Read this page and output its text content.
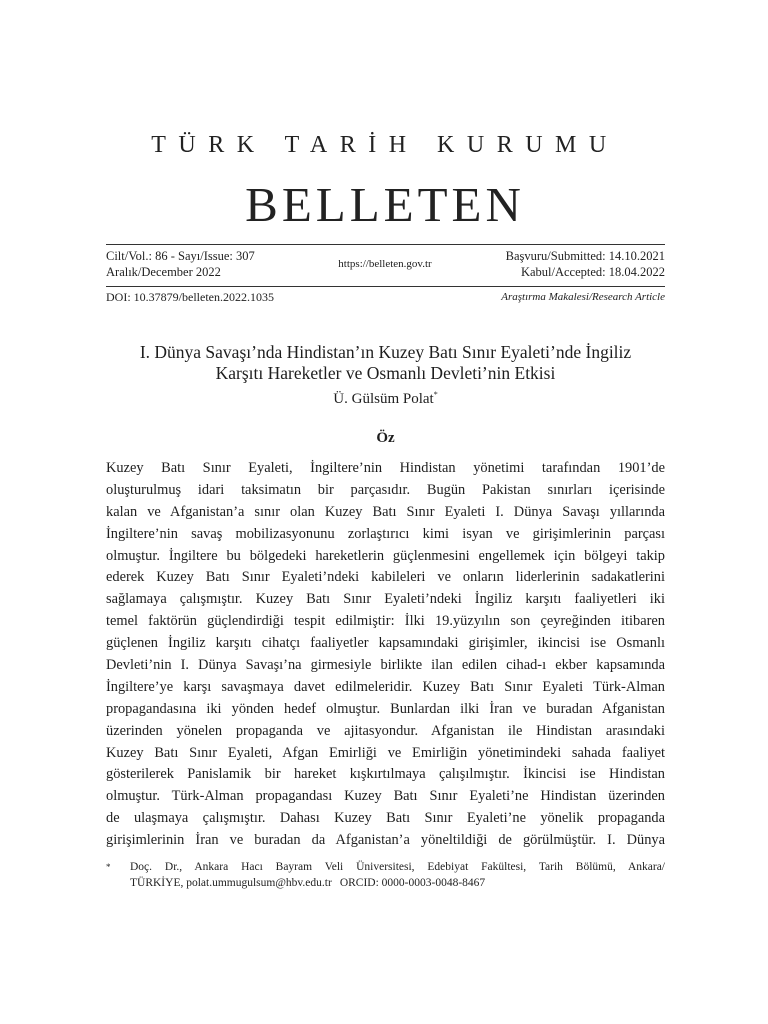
TÜRK TARİH KURUMU
BELLETEN
Cilt/Vol.: 86 - Sayı/Issue: 307
Aralık/December 2022
https://belleten.gov.tr
Başvuru/Submitted: 14.10.2021
Kabul/Accepted: 18.04.2022
DOI: 10.37879/belleten.2022.1035	Araştırma Makalesi/Research Article
I. Dünya Savaşı’nda Hindistan’ın Kuzey Batı Sınır Eyaleti’nde İngiliz
Karşıtı Hareketler ve Osmanlı Devleti’nin Etkisi
Ü. Gülsüm Polat*
Öz
Kuzey Batı Sınır Eyaleti, İngiltere’nin Hindistan yönetimi tarafından 1901’de
oluşturulmuş idari taksimatın bir parçasıdır. Bugün Pakistan sınırları içerisinde
kalan ve Afganistan’a sınır olan Kuzey Batı Sınır Eyaleti I. Dünya Savaşı yıllarında
İngiltere’nin savaş mobilizasyonunu zorlaştırıcı kimi isyan ve girişimlerinin parçası
olmuştur. İngiltere bu bölgedeki hareketlerin güçlenmesini engellemek için bölgeyi takip
ederek Kuzey Batı Sınır Eyaleti’ndeki kabileleri ve onların liderlerinin sadakatlerini
sağlamaya çalışmıştır. Kuzey Batı Sınır Eyaleti’ndeki İngiliz karşıtı faaliyetleri iki
temel faktörün güçlendirdiği tespit edilmiştir: İlki 19.yüzyılın son çeyreğinden itibaren
güçlenen İngiliz karşıtı cihatçı faaliyetler kapsamındaki girişimler, ikincisi ise Osmanlı
Devleti’nin I. Dünya Savaşı’na girmesiyle birlikte ilan edilen cihad-ı ekber kapsamında
İngiltere’ye karşı savaşmaya davet edilmeleridir. Kuzey Batı Sınır Eyaleti Türk-Alman
propagandasına iki yönden hedef olmuştur. Bunlardan ilki İran ve buradan Afganistan
üzerinden yönelen propaganda ve ajitasyondur. Afganistan ile Hindistan arasındaki
Kuzey Batı Sınır Eyaleti, Afgan Emirliği ve Emirliğin yönetimindeki sahada faaliyet
gösterilerek Panislamik bir hareket kışkırtılmaya çalışılmıştır. İkincisi ise Hindistan
olmuştur. Türk-Alman propagandası Kuzey Batı Sınır Eyaleti’ne Hindistan üzerinden
de ulaşmaya çalışmıştır. Dahası Kuzey Batı Sınır Eyaleti’ne yönelik propaganda
girişimlerinin İran ve buradan da Afganistan’a yöneltildiği de görülmüştür. I. Dünya
* Doç. Dr., Ankara Hacı Bayram Veli Üniversitesi, Edebiyat Fakültesi, Tarih Bölümü, Ankara/
TÜRKİYE, polat.ummugulsum@hbv.edu.tr ORCID: 0000-0003-0048-8467
